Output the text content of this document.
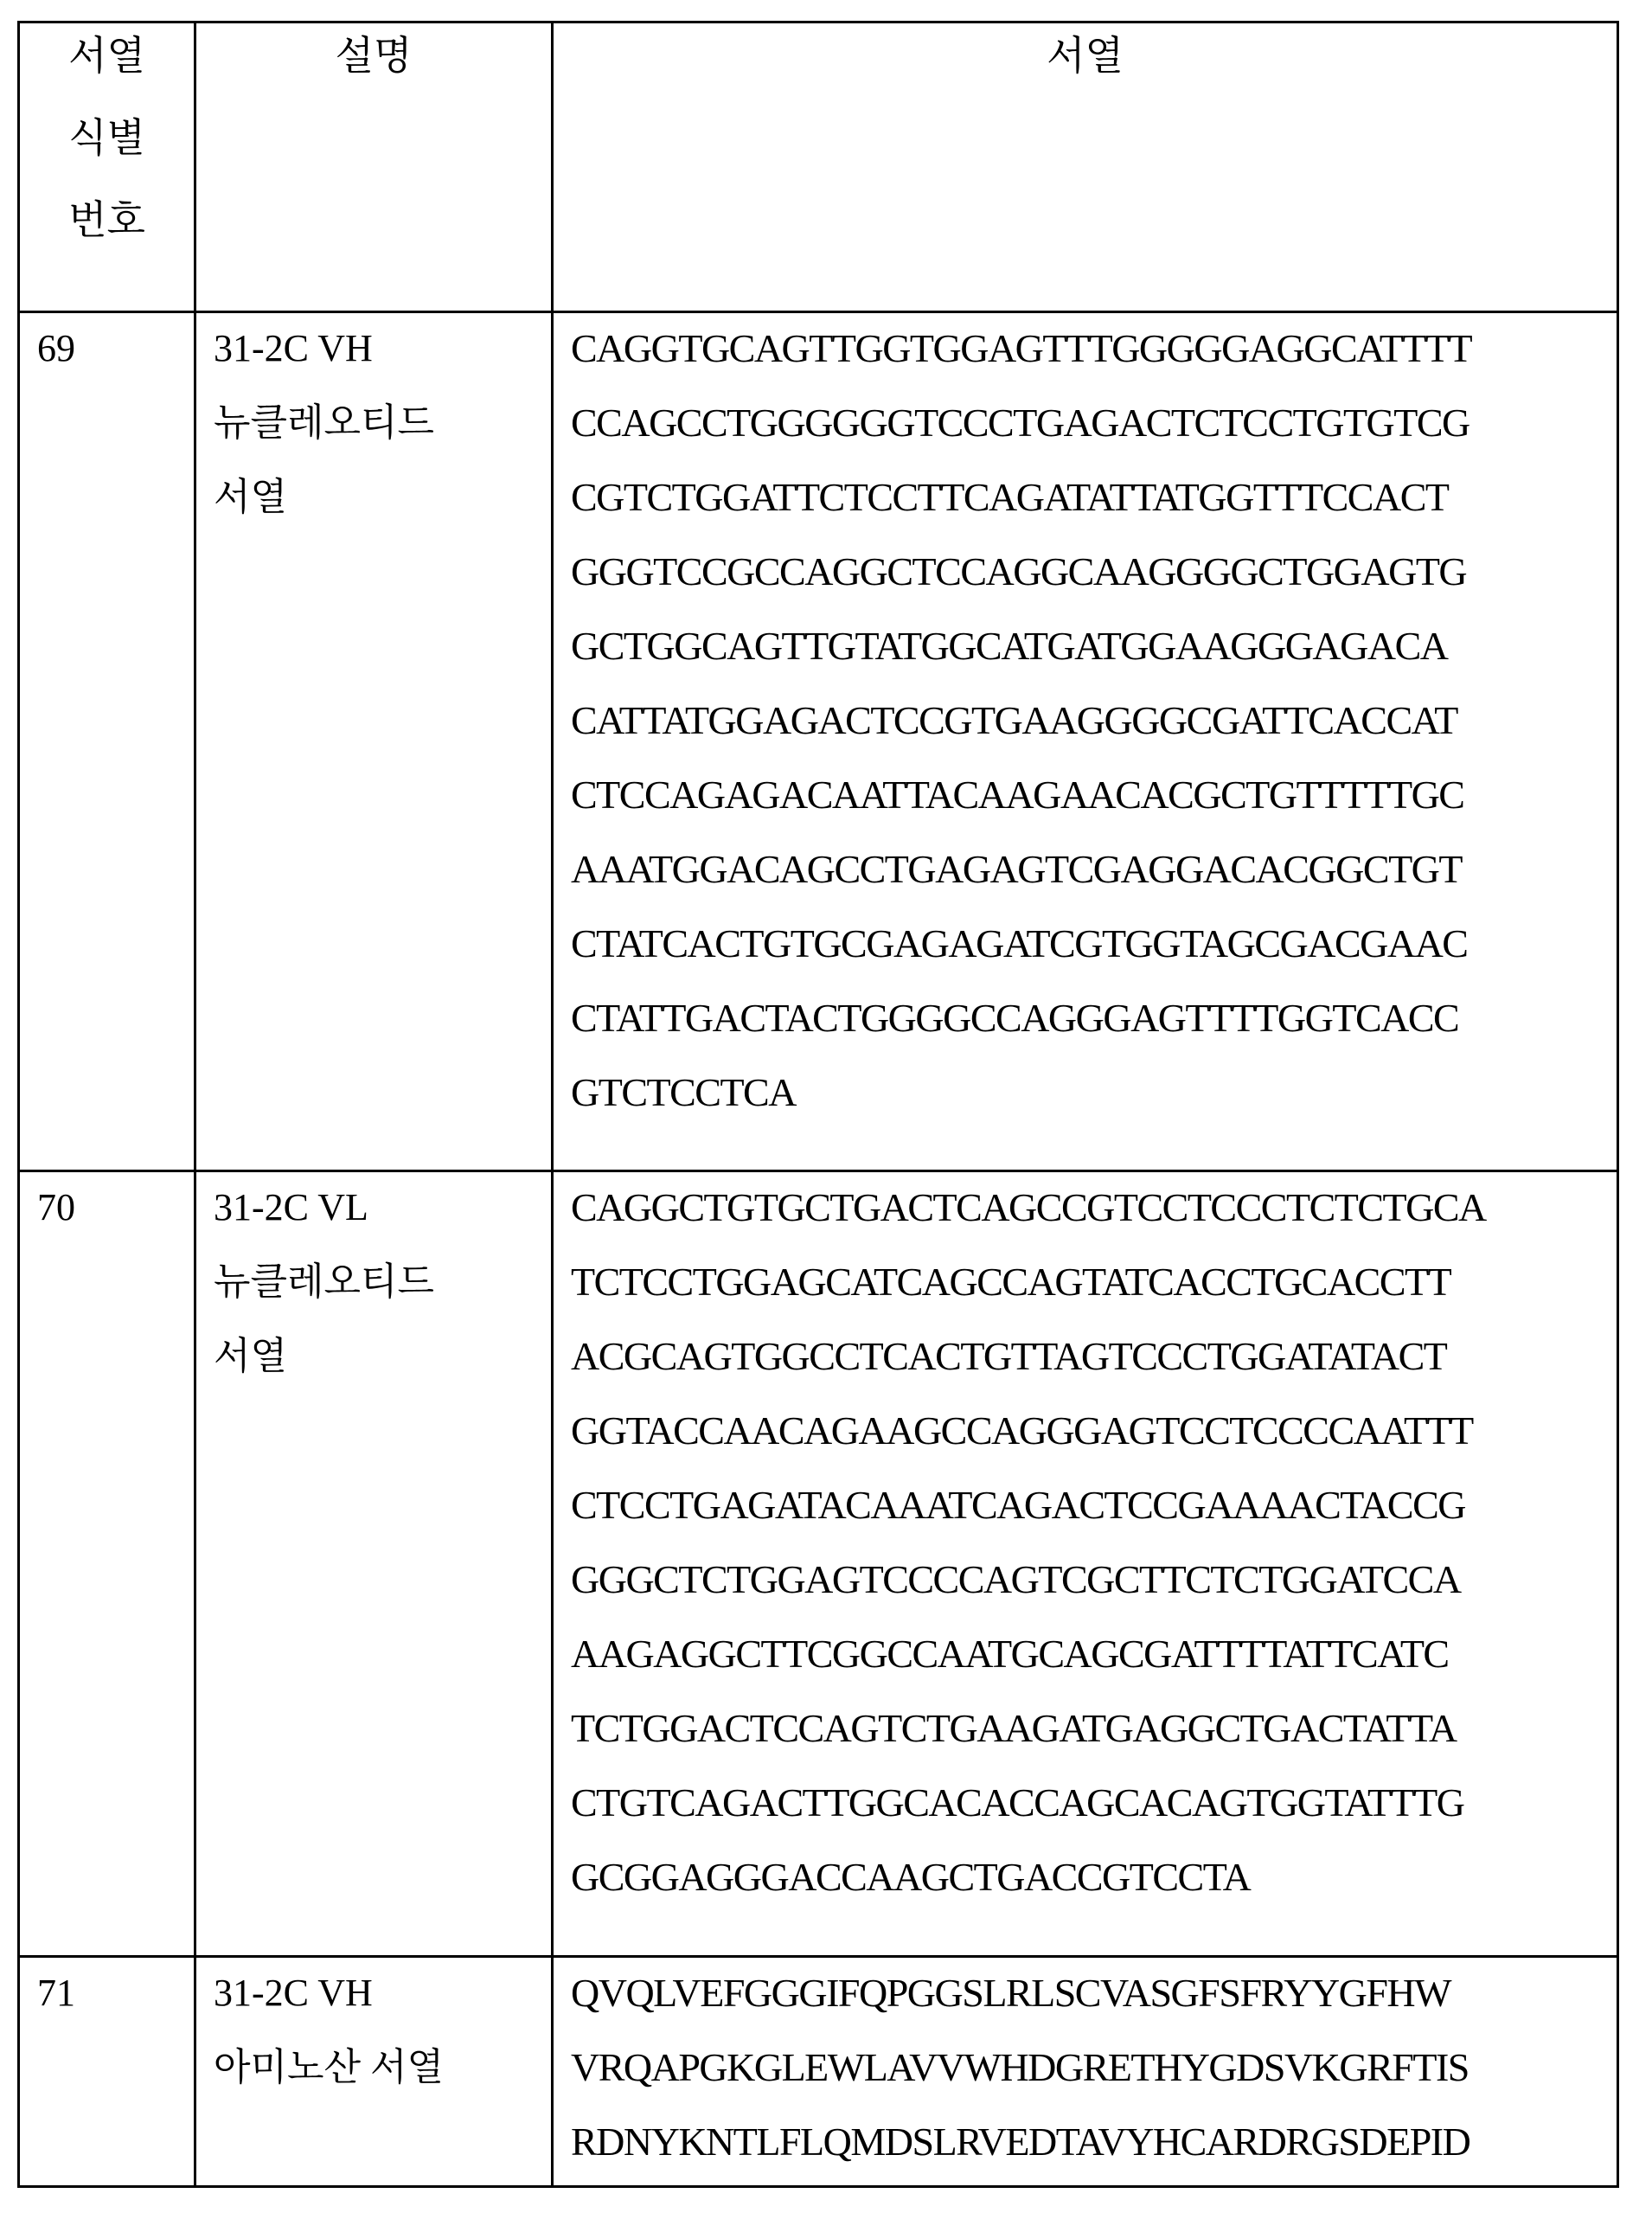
서열
식별
번호

설명	서열

69	31-2C VH
뉴클레오티드
서열

CAGGTGCAGTTGGTGGAGTTTGGGGGAGGCATTTT
CCAGCCTGGGGGGTCCCTGAGACTCTCCTGTGTCG
CGTCTGGATTCTCCTTCAGATATTATGGTTTCCACT
GGGTCCGCCAGGCTCCAGGCAAGGGGCTGGAGTG
GCTGGCAGTTGTATGGCATGATGGAAGGGAGACA
CATTATGGAGACTCCGTGAAGGGGCGATTCACCAT
CTCCAGAGACAATTACAAGAACACGCTGTTTTTGC
AAATGGACAGCCTGAGAGTCGAGGACACGGCTGT
CTATCACTGTGCGAGAGATCGTGGTAGCGACGAAC
CTATTGACTACTGGGGCCAGGGAGTTTTGGTCACC
GTCTCCTCA

70	31-2C VL
뉴클레오티드
서열

CAGGCTGTGCTGACTCAGCCGTCCTCCCTCTCTGCA
TCTCCTGGAGCATCAGCCAGTATCACCTGCACCTT
ACGCAGTGGCCTCACTGTTAGTCCCTGGATATACT
GGTACCAACAGAAGCCAGGGAGTCCTCCCCAATTT
CTCCTGAGATACAAATCAGACTCCGAAAACTACCG
GGGCTCTGGAGTCCCCAGTCGCTTCTCTGGATCCA
AAGAGGCTTCGGCCAATGCAGCGATTTTATTCATC
TCTGGACTCCAGTCTGAAGATGAGGCTGACTATTA
CTGTCAGACTTGGCACACCAGCACAGTGGTATTTG
GCGGAGGGACCAAGCTGACCGTCCTA

71	31-2C VH
아미노산 서열

QVQLVEFGGGIFQPGGSLRLSCVASGFSFRYYGFHW
VRQAPGKGLEWLAVVWHDGRETHYGDSVKGRFTIS
RDNYKNTLFLQMDSLRVEDTAVYHCARDRGSDEPID
